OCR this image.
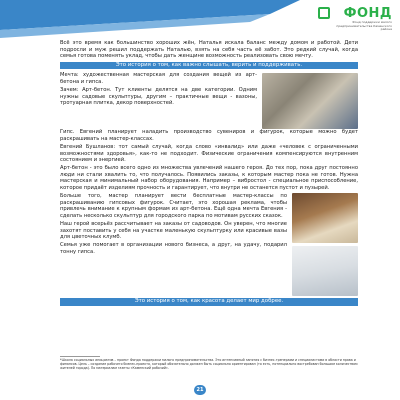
ФОНД
Фонд поддержки малого предпринимательства Каменского района

Всё это время как большинство хороших жён, Наталья искала баланс между домом и работой. Дети подросли и муж решил поддержать Наталью, взять на себя часть её забот. Это редкий случай, когда семья готова поменять уклад, чтобы дать женщине возможность реализовать свою мечту.

Это история о том, как важно слышать, верить и поддерживать.

Мечта: художественная мастерская для создания вещей из арт-бетона и гипса.

Зачем: Арт-бетон. Тут клиенты делятся на две категории. Одним нужны садовые скульптуры, другим – практичные вещи - вазоны, тротуарная плитка, декор поверхностей.

Гипс. Евгений планирует наладить производство сувениров и фигурок, которые можно будет раскрашивать на мастер-классах.

Евгений Бушланов: тот самый случай, когда слово «инвалид» или даже «человек с ограниченными возможностями здоровья», как-то не подходит. Физические ограничения компенсируются внутренним состоянием и энергией.

Арт-бетон - это было всего одно из множества увлечений нашего героя. До тех пор, пока друг постоянно люди ни стали хвалить то, что получалось. Появились заказы, к которым мастер пока не готов. Нужна мастерская и минимальный набор оборудования. Например – вибростол - специальное приспособление, которое придаёт изделиям прочность и гарантирует, что внутри не останется пустот и пузырей.

Больше того, мастер планирует вести бесплатные мастер-классы по раскрашиванию гипсовых фигурок. Считает, это хорошая реклама, чтобы привлечь внимание к крупным формам из арт-бетона. Ещё одна мечта Евгения - сделать несколько скульптур для городского парка по мотивам русских сказок.

Наш герой всерьёз рассчитывает на заказы от садоводов. Он уверен, что многие захотят поставить у себя на участке маленькую скульптурку или красивые вазы для цветочных клумб.

Семья уже помогает в организации нового бизнеса, а друг, на удачу, подарил тонну гипса.

Это история о том, как красота делает мир добрее.
*Школа социальных инициатив – проект Фонда поддержки малого предпринимательства. Это интенсивный занятия с бизнес-тренерами и специалистами в области права и финансов. Цель – создание рабочего бизнес-проекта, который обязательно должен быть социально ориентирован (то есть, потенциально востребован большим количеством жителей города). По материалам газеты «Каменский рабочий».
21
